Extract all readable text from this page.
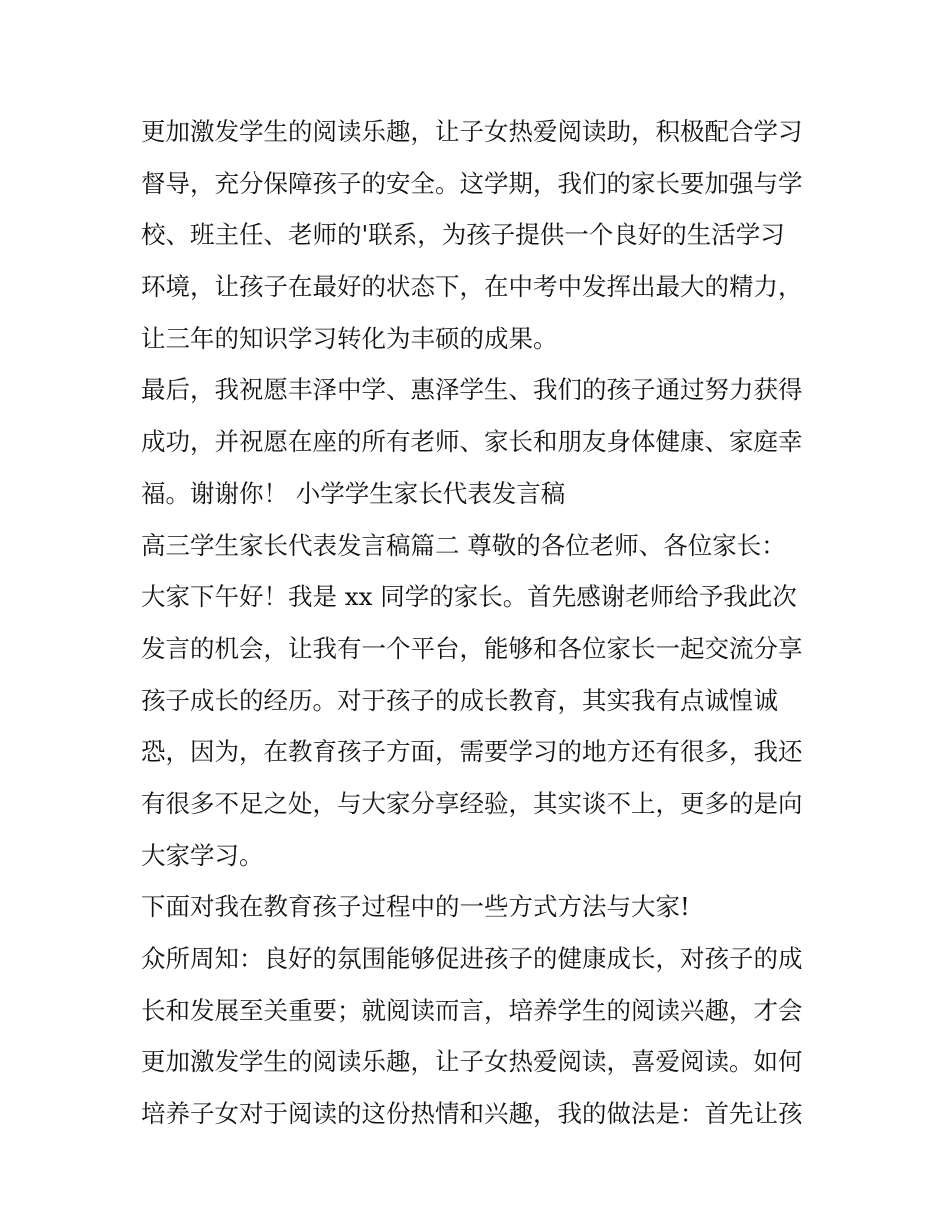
更加激发学生的阅读乐趣，让子女热爱阅读助，积极配合学习
督导，充分保障孩子的安全。这学期，我们的家长要加强与学
校、班主任、老师的'联系，为孩子提供一个良好的生活学习
环境，让孩子在最好的状态下，在中考中发挥出最大的精力，
让三年的知识学习转化为丰硕的成果。
最后，我祝愿丰泽中学、惠泽学生、我们的孩子通过努力获得
成功，并祝愿在座的所有老师、家长和朋友身体健康、家庭幸
福。谢谢你！ 小学学生家长代表发言稿
高三学生家长代表发言稿篇二 尊敬的各位老师、各位家长：
大家下午好！我是 xx 同学的家长。首先感谢老师给予我此次
发言的机会，让我有一个平台，能够和各位家长一起交流分享
孩子成长的经历。对于孩子的成长教育，其实我有点诚惶诚
恐，因为，在教育孩子方面，需要学习的地方还有很多，我还
有很多不足之处，与大家分享经验，其实谈不上，更多的是向
大家学习。
下面对我在教育孩子过程中的一些方式方法与大家!
众所周知：良好的氛围能够促进孩子的健康成长，对孩子的成
长和发展至关重要；就阅读而言，培养学生的阅读兴趣，才会
更加激发学生的阅读乐趣，让子女热爱阅读，喜爱阅读。如何
培养子女对于阅读的这份热情和兴趣，我的做法是：首先让孩
